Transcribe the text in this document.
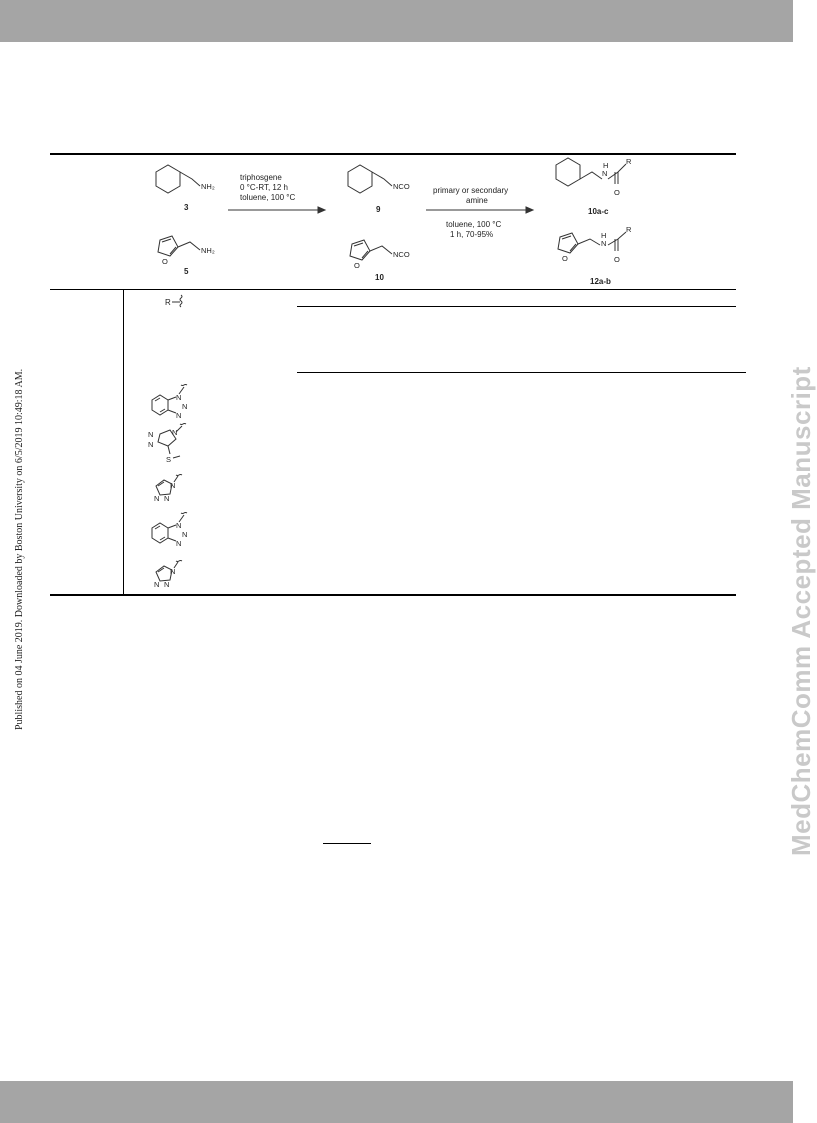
Published on 04 June 2019. Downloaded by Boston University on 6/5/2019 10:49:18 AM.	MedChemComm Accepted Manuscript
NH₂
3
O
NH₂
5
triphosgene
0 °C-RT, 12 h
toluene, 100 °C
NCO
9
O
NCO
10
primary or secondary
amine
toluene, 100 °C
1 h, 70-95%
H
N
O
R
10a-c
O
H
N
O
R
12a-b
R
N
N
N
N
N
N
S
N
N
N
N
N
N
N
N
N
